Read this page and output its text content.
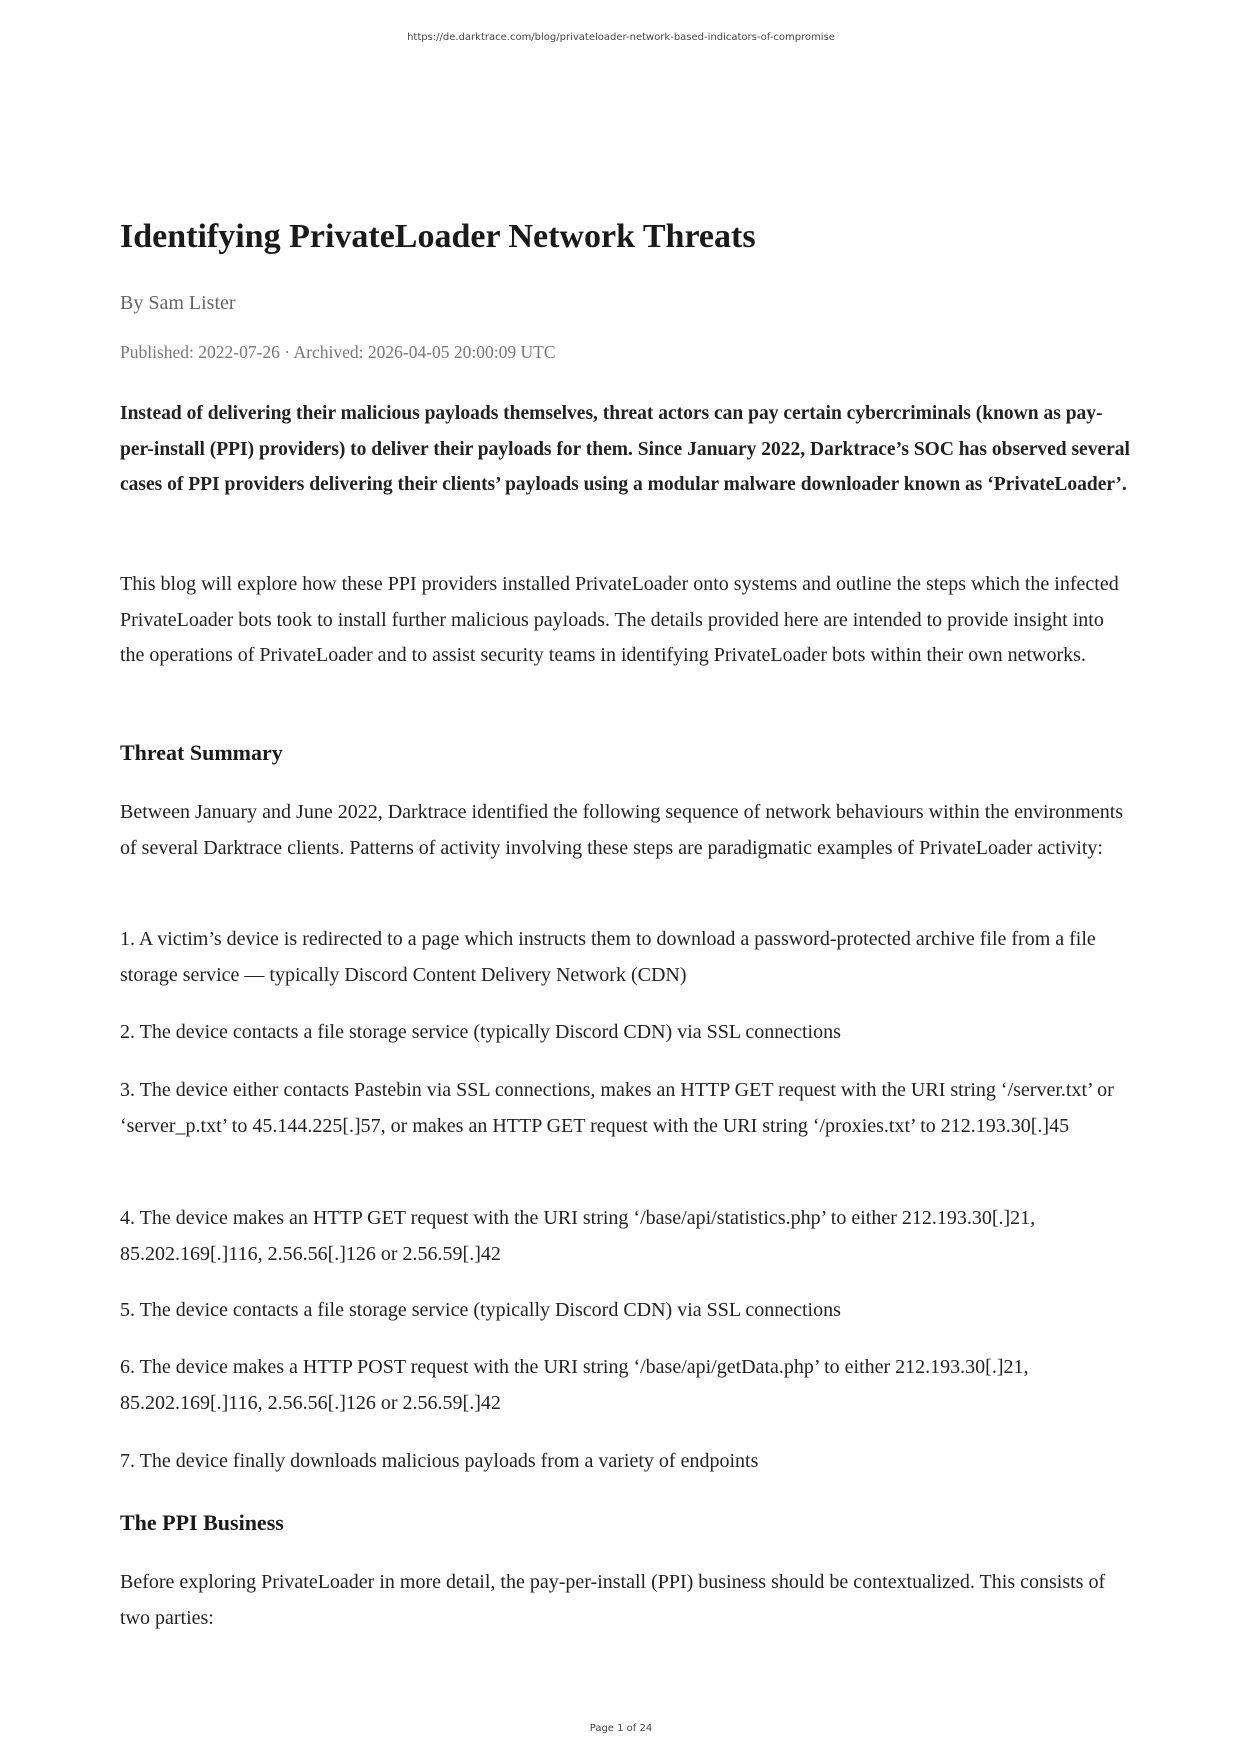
https://de.darktrace.com/blog/privateloader-network-based-indicators-of-compromise
Identifying PrivateLoader Network Threats

By Sam Lister

Published: 2022-07-26 · Archived: 2026-04-05 20:00:09 UTC

Instead of delivering their malicious payloads themselves, threat actors can pay certain cybercriminals (known as pay-per-install (PPI) providers) to deliver their payloads for them. Since January 2022, Darktrace’s SOC has observed several cases of PPI providers delivering their clients’ payloads using a modular malware downloader known as ‘PrivateLoader’.

This blog will explore how these PPI providers installed PrivateLoader onto systems and outline the steps which the infected PrivateLoader bots took to install further malicious payloads. The details provided here are intended to provide insight into the operations of PrivateLoader and to assist security teams in identifying PrivateLoader bots within their own networks.

Threat Summary

Between January and June 2022, Darktrace identified the following sequence of network behaviours within the environments of several Darktrace clients. Patterns of activity involving these steps are paradigmatic examples of PrivateLoader activity:

1. A victim’s device is redirected to a page which instructs them to download a password-protected archive file from a file storage service — typically Discord Content Delivery Network (CDN)

2. The device contacts a file storage service (typically Discord CDN) via SSL connections

3. The device either contacts Pastebin via SSL connections, makes an HTTP GET request with the URI string ‘/server.txt’ or ‘server_p.txt’ to 45.144.225[.]57, or makes an HTTP GET request with the URI string ‘/proxies.txt’ to 212.193.30[.]45

4. The device makes an HTTP GET request with the URI string ‘/base/api/statistics.php’ to either 212.193.30[.]21, 85.202.169[.]116, 2.56.56[.]126 or 2.56.59[.]42

5. The device contacts a file storage service (typically Discord CDN) via SSL connections

6. The device makes a HTTP POST request with the URI string ‘/base/api/getData.php’ to either 212.193.30[.]21, 85.202.169[.]116, 2.56.56[.]126 or 2.56.59[.]42

7. The device finally downloads malicious payloads from a variety of endpoints

The PPI Business

Before exploring PrivateLoader in more detail, the pay-per-install (PPI) business should be contextualized. This consists of two parties:

Page 1 of 24
